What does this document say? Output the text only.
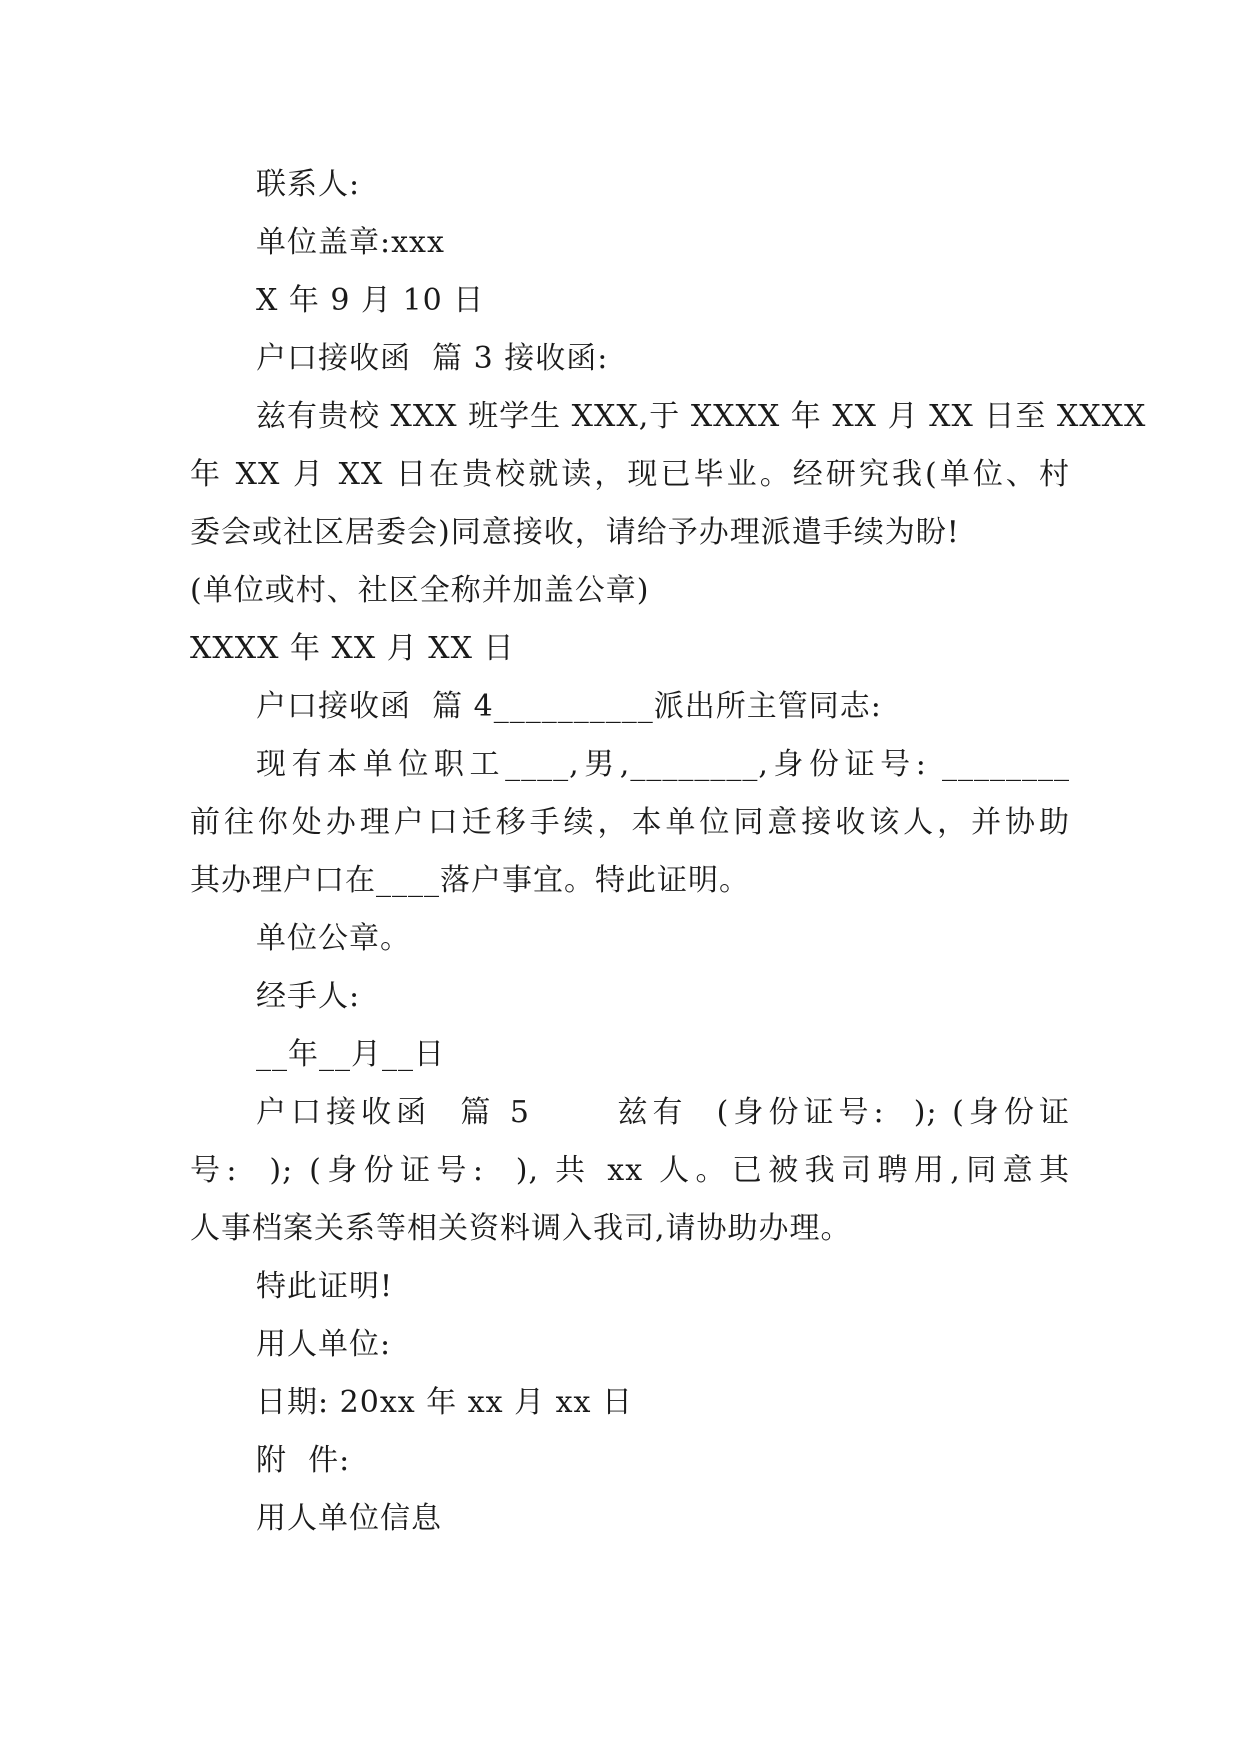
联系人:
单位盖章:xxx
X 年 9 月 10 日
户口接收函  篇 3 接收函:
兹有贵校 XXX 班学生 XXX,于 XXXX 年 XX 月 XX 日至 XXXX
年 XX 月 XX 日在贵校就读，现已毕业。经研究我(单位、村
委会或社区居委会)同意接收，请给予办理派遣手续为盼!
(单位或村、社区全称并加盖公章)
XXXX 年 XX 月 XX 日
户口接收函  篇 4__________派出所主管同志:
现有本单位职工____,男,________,身份证号: ________
前往你处办理户口迁移手续，本单位同意接收该人，并协助
其办理户口在____落户事宜。特此证明。
单位公章。
经手人:
__年__月__日
户口接收函  篇 5      兹有  (身份证号:  ); (身份证
号:  ); (身份证号:  ), 共 xx 人。已被我司聘用,同意其
人事档案关系等相关资料调入我司,请协助办理。
特此证明!
用人单位:
日期: 20xx 年 xx 月 xx 日
附  件:
用人单位信息
